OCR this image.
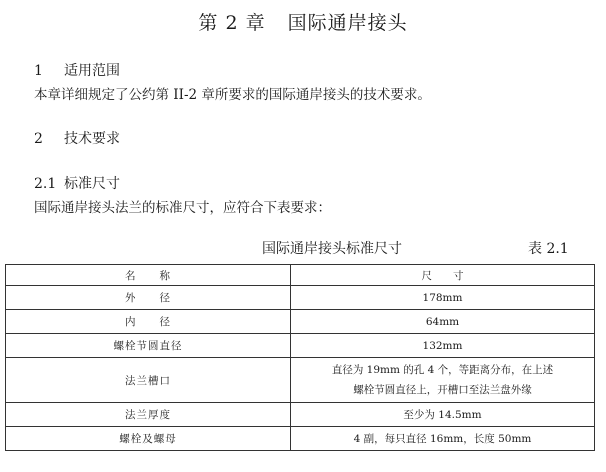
第 2 章 国际通岸接头
1 适用范围
本章详细规定了公约第 II-2 章所要求的国际通岸接头的技术要求。
2 技术要求
2.1 标准尺寸
国际通岸接头法兰的标准尺寸，应符合下表要求：
国际通岸接头标准尺寸	表 2.1
名　　称	尺　　寸
外　　径	178mm
内　　径	64mm
螺栓节圆直径	132mm
法兰槽口	直径为 19mm 的孔 4 个，等距离分布，在上述螺栓节圆直径上，开槽口至法兰盘外缘
法兰厚度	至少为 14.5mm
螺栓及螺母	4 副，每只直径 16mm，长度 50mm
